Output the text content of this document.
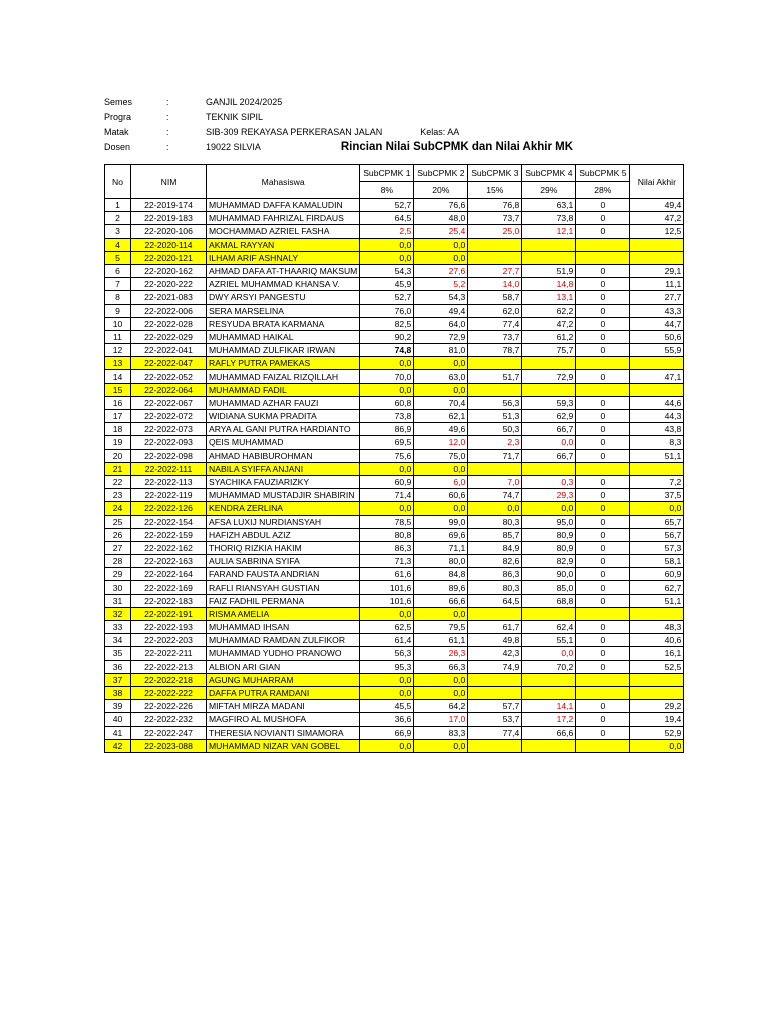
Semes	:	GANJIL 2024/2025
Progra	:	TEKNIK SIPIL
Matak	:	SIB-309 REKAYASA PERKERASAN JALAN	Kelas: AA
Dosen	:	19022 SILVIA	Rincian Nilai SubCPMK dan Nilai Akhir MK
No	NIM	Mahasiswa	SubCPMK 1	SubCPMK 2	SubCPMK 3	SubCPMK 4	SubCPMK 5	Nilai Akhir
			8%	20%	15%	29%	28%	
1	22-2019-174	MUHAMMAD DAFFA KAMALUDIN	52,7	76,6	76,8	63,1	0	49,4
2	22-2019-183	MUHAMMAD FAHRIZAL FIRDAUS	64,5	48,0	73,7	73,8	0	47,2
3	22-2020-106	MOCHAMMAD AZRIEL FASHA	2,5	25,4	25,0	12,1	0	12,5
4	22-2020-114	AKMAL RAYYAN	0,0	0,0				
5	22-2020-121	ILHAM ARIF ASHNALY	0,0	0,0				
6	22-2020-162	AHMAD DAFA AT-THAARIQ MAKSUM	54,3	27,6	27,7	51,9	0	29,1
7	22-2020-222	AZRIEL MUHAMMAD KHANSA V.	45,9	5,2	14,0	14,8	0	11,1
8	22-2021-083	DWY ARSYI PANGESTU	52,7	54,3	58,7	13,1	0	27,7
9	22-2022-006	SERA MARSELINA	76,0	49,4	62,0	62,2	0	43,3
10	22-2022-028	RESYUDA BRATA KARMANA	82,5	64,0	77,4	47,2	0	44,7
11	22-2022-029	MUHAMMAD HAIKAL	90,2	72,9	73,7	61,2	0	50,6
12	22-2022-041	MUHAMMAD ZULFIKAR IRWAN	74,8	81,0	78,7	75,7	0	55,9
13	22-2022-047	RAFLY PUTRA PAMEKAS	0,0	0,0				
14	22-2022-052	MUHAMMAD FAIZAL RIZQILLAH	70,0	63,0	51,7	72,9	0	47,1
15	22-2022-064	MUHAMMAD FADIL	0,0	0,0				
16	22-2022-067	MUHAMMAD AZHAR FAUZI	60,8	70,4	56,3	59,3	0	44,6
17	22-2022-072	WIDIANA SUKMA PRADITA	73,8	62,1	51,3	62,9	0	44,3
18	22-2022-073	ARYA AL GANI PUTRA HARDIANTO	86,9	49,6	50,3	66,7	0	43,8
19	22-2022-093	QEIS MUHAMMAD	69,5	12,0	2,3	0,0	0	8,3
20	22-2022-098	AHMAD HABIBUROHMAN	75,6	75,0	71,7	66,7	0	51,1
21	22-2022-111	NABILA SYIFFA ANJANI	0,0	0,0				
22	22-2022-113	SYACHIKA FAUZIARIZKY	60,9	6,0	7,0	0,3	0	7,2
23	22-2022-119	MUHAMMAD MUSTADJIR SHABIRIN	71,4	60,6	74,7	29,3	0	37,5
24	22-2022-126	KENDRA ZERLINA	0,0	0,0	0,0	0,0	0	0,0
25	22-2022-154	AFSA LUXIJ NURDIANSYAH	78,5	99,0	80,3	95,0	0	65,7
26	22-2022-159	HAFIZH ABDUL AZIZ	80,8	69,6	85,7	80,9	0	56,7
27	22-2022-162	THORIQ RIZKIA HAKIM	86,3	71,1	84,9	80,9	0	57,3
28	22-2022-163	AULIA SABRINA SYIFA	71,3	80,0	82,6	82,9	0	58,1
29	22-2022-164	FARAND FAUSTA ANDRIAN	61,6	84,8	86,3	90,0	0	60,9
30	22-2022-169	RAFLI RIANSYAH GUSTIAN	101,6	89,6	80,3	85,0	0	62,7
31	22-2022-183	FAIZ FADHIL PERMANA	101,6	66,6	64,5	68,8	0	51,1
32	22-2022-191	RISMA AMELIA	0,0	0,0				
33	22-2022-193	MUHAMMAD IHSAN	62,5	79,5	61,7	62,4	0	48,3
34	22-2022-203	MUHAMMAD RAMDAN ZULFIKOR	61,4	61,1	49,8	55,1	0	40,6
35	22-2022-211	MUHAMMAD YUDHO PRANOWO	56,3	26,3	42,3	0,0	0	16,1
36	22-2022-213	ALBION ARI GIAN	95,3	66,3	74,9	70,2	0	52,5
37	22-2022-218	AGUNG MUHARRAM	0,0	0,0				
38	22-2022-222	DAFFA PUTRA RAMDANI	0,0	0,0				
39	22-2022-226	MIFTAH MIRZA MADANI	45,5	64,2	57,7	14,1	0	29,2
40	22-2022-232	MAGFIRO AL MUSHOFA	36,6	17,0	53,7	17,2	0	19,4
41	22-2022-247	THERESIA NOVIANTI SIMAMORA	66,9	83,3	77,4	66,6	0	52,9
42	22-2023-088	MUHAMMAD NIZAR VAN GOBEL	0,0	0,0				0,0
